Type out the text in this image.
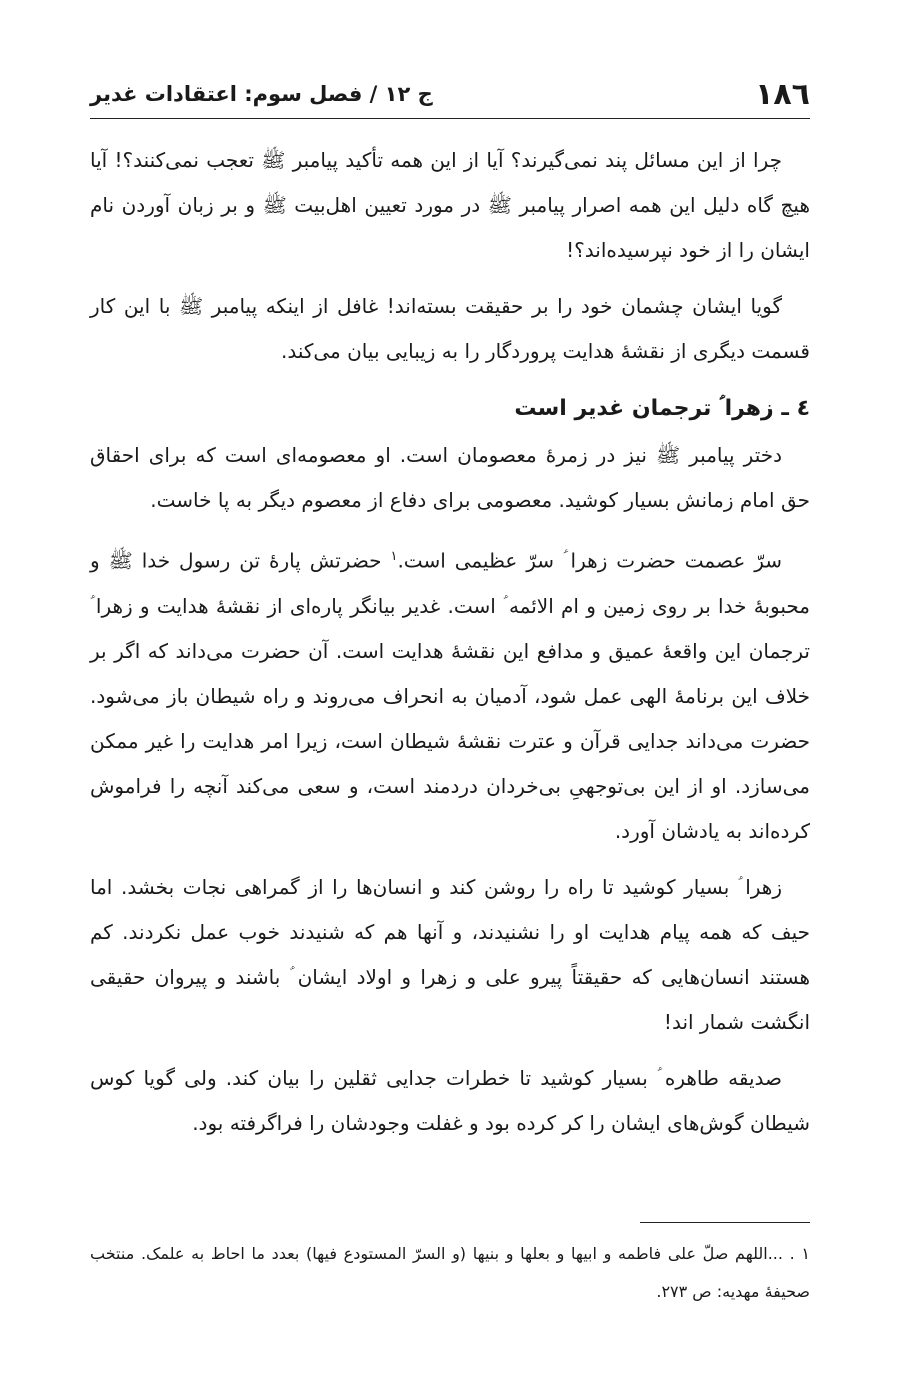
ج ١٢ / فصل سوم: اعتقادات غدیر	١٨٦

چرا از این مسائل پند نمی‌گیرند؟ آیا از این همه تأکید پیامبر ﷺ تعجب نمی‌کنند؟! آیا هیچ گاه دلیل این همه اصرار پیامبر ﷺ در مورد تعیین اهل‌بیت ﷺ و بر زبان آوردن نام ایشان را از خود نپرسیده‌اند؟!

گویا ایشان چشمان خود را بر حقیقت بسته‌اند! غافل از اینکه پیامبر ﷺ با این کار قسمت دیگری از نقشهٔ هدایت پروردگار را به زیبایی بیان می‌کند.

٤ ـ زهرا ؑ ترجمان غدیر است

دختر پیامبر ﷺ نیز در زمرهٔ معصومان است. او معصومه‌ای است که برای احقاق حق امام زمانش بسیار کوشید. معصومی برای دفاع از معصوم دیگر به پا خاست.

سرّ عصمت حضرت زهرا ؑ سرّ عظیمی است.$^١$ حضرتش پارهٔ تن رسول خدا ﷺ و محبوبهٔ خدا بر روی زمین و ام الائمه ؑ است. غدیر بیانگر پاره‌ای از نقشهٔ هدایت و زهرا ؑ ترجمان این واقعهٔ عمیق و مدافع این نقشهٔ هدایت است. آن حضرت می‌داند که اگر بر خلاف این برنامهٔ الهی عمل شود، آدمیان به انحراف می‌روند و راه شیطان باز می‌شود. حضرت می‌داند جدایی قرآن و عترت نقشهٔ شیطان است، زیرا امر هدایت را غیر ممکن می‌سازد. او از این بی‌توجهیِ بی‌خردان دردمند است، و سعی می‌کند آنچه را فراموش کرده‌اند به یادشان آورد.

زهرا ؑ بسیار کوشید تا راه را روشن کند و انسان‌ها را از گمراهی نجات بخشد. اما حیف که همه پیام هدایت او را نشنیدند، و آنها هم که شنیدند خوب عمل نکردند. کم هستند انسان‌هایی که حقیقتاً پیرو علی و زهرا و اولاد ایشان ؑ باشند و پیروان حقیقی انگشت شمار اند!

صدیقه طاهره ؑ بسیار کوشید تا خطرات جدایی ثقلین را بیان کند. ولی گویا کوس شیطان گوش‌های ایشان را کر کرده بود و غفلت وجودشان را فراگرفته بود.

١ . ...اللهم صلّ علی فاطمه و ابیها و بعلها و بنیها (و السرّ المستودع فیها) بعدد ما احاط به علمک. منتخب صحیفهٔ مهدیه: ص ٢٧٣.
